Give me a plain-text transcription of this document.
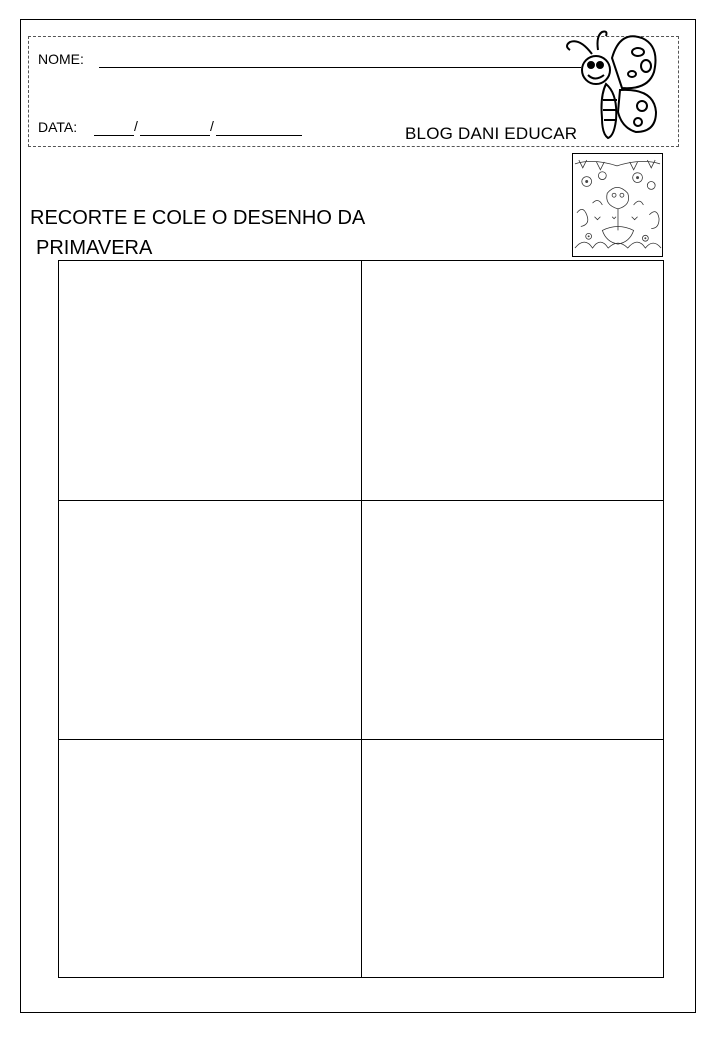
NOME:
DATA:	/	/	BLOG DANI EDUCAR
RECORTE E COLE O DESENHO DA
PRIMAVERA
